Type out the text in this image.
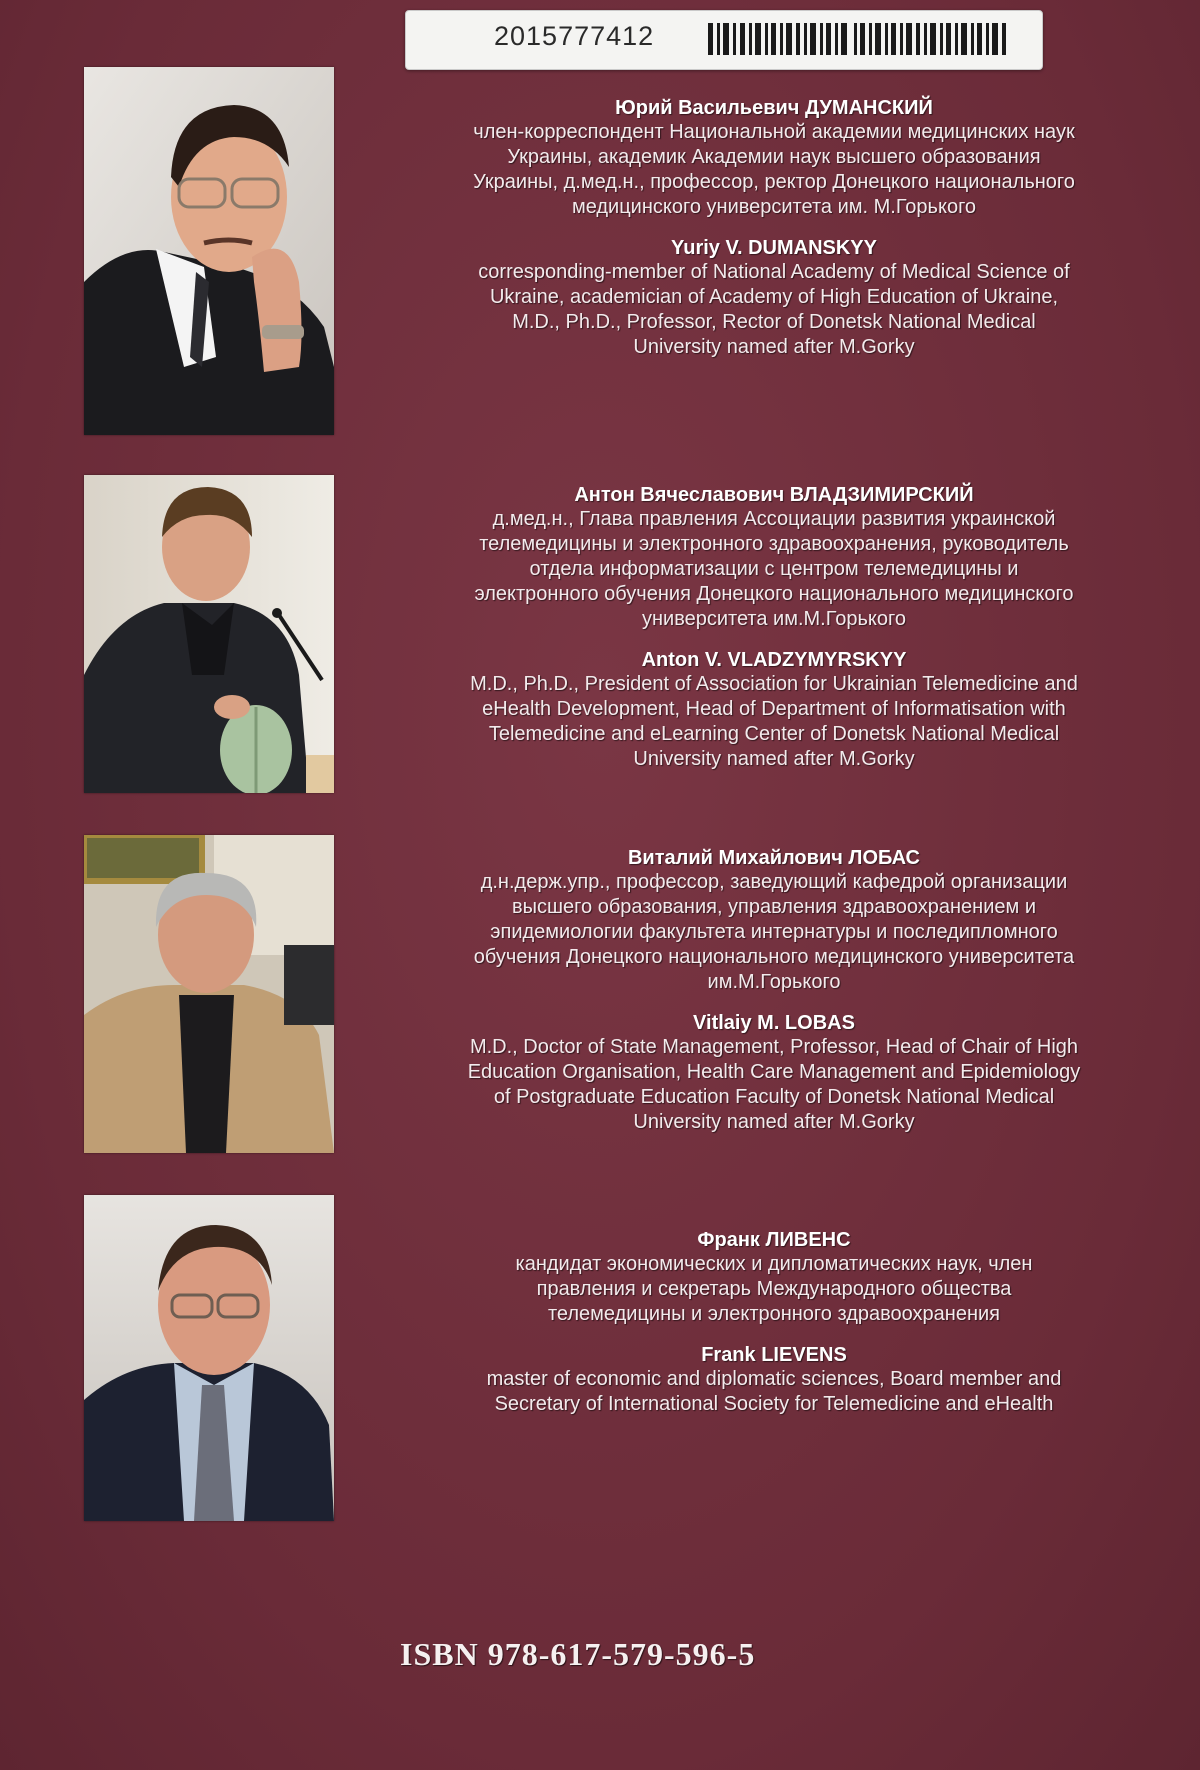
2015777412
Юрий Васильевич ДУМАНСКИЙ
член-корреспондент Национальной академии медицинских наук
Украины, академик Академии наук высшего образования
Украины, д.мед.н., профессор, ректор Донецкого национального
медицинского университета им. М.Горького
Yuriy V. DUMANSKYY
corresponding-member of National Academy of Medical Science of
Ukraine, academician of Academy of High Education of Ukraine,
M.D., Ph.D., Professor, Rector of Donetsk National Medical
University named after M.Gorky
Антон Вячеславович ВЛАДЗИМИРСКИЙ
д.мед.н., Глава правления Ассоциации развития украинской
телемедицины и электронного здравоохранения, руководитель
отдела информатизации с центром телемедицины и
электронного обучения Донецкого национального медицинского
университета им.М.Горького
Anton V. VLADZYMYRSKYY
M.D., Ph.D., President of Association for Ukrainian Telemedicine and
eHealth Development, Head of Department of Informatisation with
Telemedicine and eLearning Center of Donetsk National Medical
University named after M.Gorky
Виталий Михайлович ЛОБАС
д.н.держ.упр., профессор, заведующий кафедрой организации
высшего образования, управления здравоохранением и
эпидемиологии факультета интернатуры и последипломного
обучения Донецкого национального медицинского университета
им.М.Горького
Vitlaiy M. LOBAS
M.D., Doctor of State Management, Professor, Head of Chair of High
Education Organisation, Health Care Management and Epidemiology
of Postgraduate Education Faculty of Donetsk National Medical
University named after M.Gorky
Франк ЛИВЕНС
кандидат экономических и дипломатических наук, член
правления и секретарь Международного общества
телемедицины и электронного здравоохранения
Frank LIEVENS
master of economic and diplomatic sciences, Board member and
Secretary of International Society for Telemedicine and eHealth
ISBN 978-617-579-596-5
